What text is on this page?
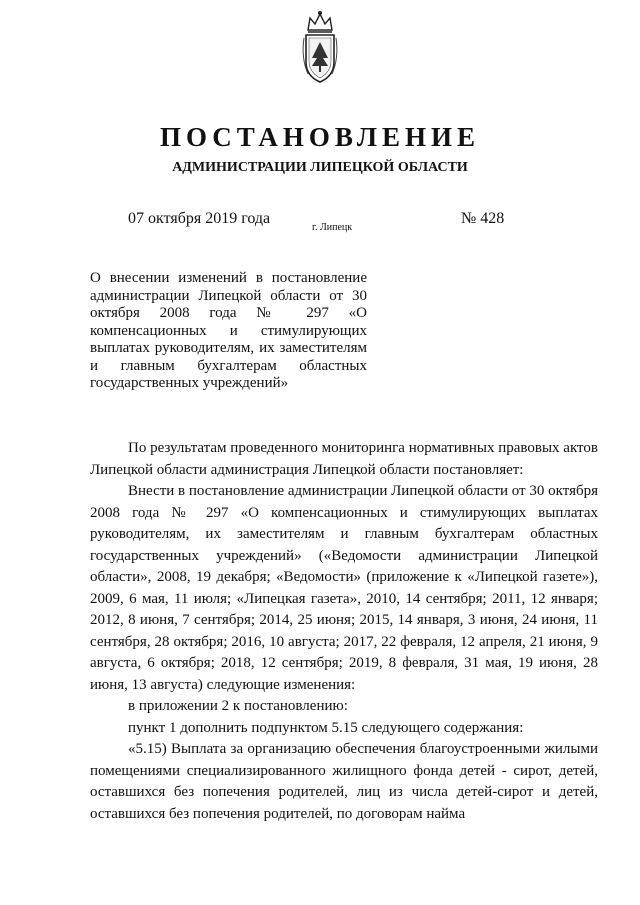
ПОСТАНОВЛЕНИЕ
АДМИНИСТРАЦИИ ЛИПЕЦКОЙ ОБЛАСТИ
07 октября 2019 года
г. Липецк
№ 428

О внесении изменений в постановление администрации Липецкой области от 30 октября 2008 года № 297 «О компенсационных и стимулирующих выплатах руководителям, их заместителям и главным бухгалтерам областных государственных учреждений»

По результатам проведенного мониторинга нормативных правовых актов Липецкой области администрация Липецкой области постановляет:

Внести в постановление администрации Липецкой области от 30 октября 2008 года № 297 «О компенсационных и стимулирующих выплатах руководителям, их заместителям и главным бухгалтерам областных государственных учреждений» («Ведомости администрации Липецкой области», 2008, 19 декабря; «Ведомости» (приложение к «Липецкой газете»), 2009, 6 мая, 11 июля; «Липецкая газета», 2010, 14 сентября; 2011, 12 января; 2012, 8 июня, 7 сентября; 2014, 25 июня; 2015, 14 января, 3 июня, 24 июня, 11 сентября, 28 октября; 2016, 10 августа; 2017, 22 февраля, 12 апреля, 21 июня, 9 августа, 6 октября; 2018, 12 сентября; 2019, 8 февраля, 31 мая, 19 июня, 28 июня, 13 августа) следующие изменения:

в приложении 2 к постановлению:

пункт 1 дополнить подпунктом 5.15 следующего содержания:

«5.15) Выплата за организацию обеспечения благоустроенными жилыми помещениями специализированного жилищного фонда детей - сирот, детей, оставшихся без попечения родителей, лиц из числа детей-сирот и детей, оставшихся без попечения родителей, по договорам найма
